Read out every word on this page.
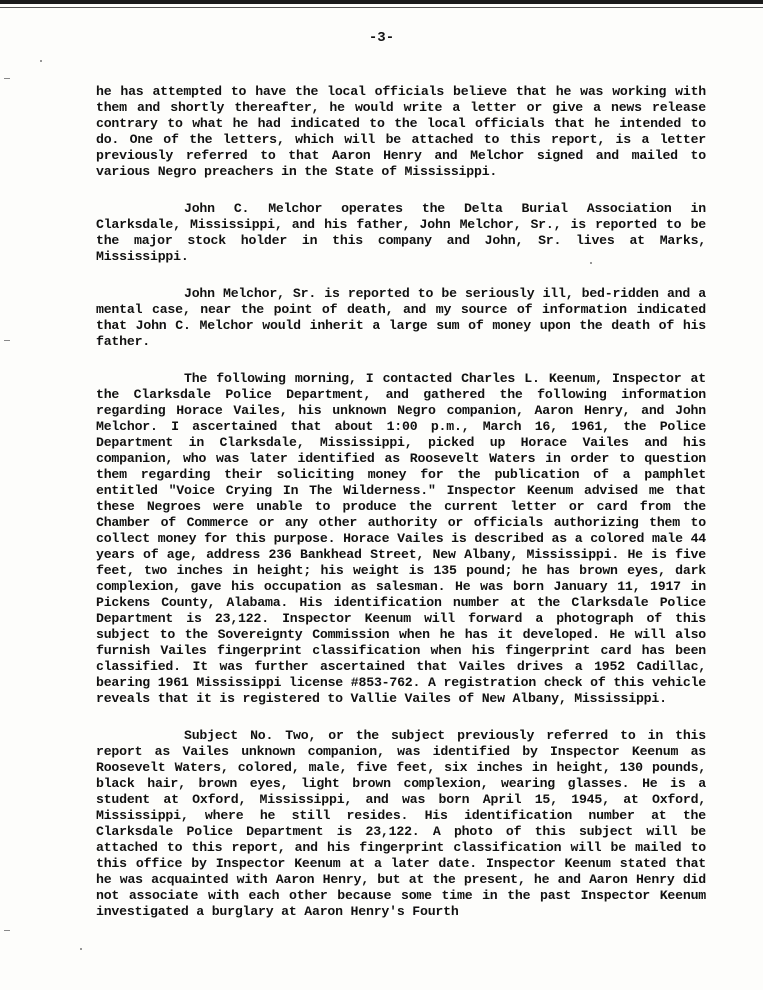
-3-

he has attempted to have the local officials believe that he was working with them and shortly thereafter, he would write a letter or give a news release contrary to what he had indicated to the local officials that he intended to do. One of the letters, which will be attached to this report, is a letter previously referred to that Aaron Henry and Melchor signed and mailed to various Negro preachers in the State of Mississippi.

John C. Melchor operates the Delta Burial Association in Clarksdale, Mississippi, and his father, John Melchor, Sr., is reported to be the major stock holder in this company and John, Sr. lives at Marks, Mississippi.

John Melchor, Sr. is reported to be seriously ill, bed-ridden and a mental case, near the point of death, and my source of information indicated that John C. Melchor would inherit a large sum of money upon the death of his father.

The following morning, I contacted Charles L. Keenum, Inspector at the Clarksdale Police Department, and gathered the following information regarding Horace Vailes, his unknown Negro companion, Aaron Henry, and John Melchor. I ascertained that about 1:00 p.m., March 16, 1961, the Police Department in Clarksdale, Mississippi, picked up Horace Vailes and his companion, who was later identified as Roosevelt Waters in order to question them regarding their soliciting money for the publication of a pamphlet entitled "Voice Crying In The Wilderness." Inspector Keenum advised me that these Negroes were unable to produce the current letter or card from the Chamber of Commerce or any other authority or officials authorizing them to collect money for this purpose. Horace Vailes is described as a colored male 44 years of age, address 236 Bankhead Street, New Albany, Mississippi. He is five feet, two inches in height; his weight is 135 pound; he has brown eyes, dark complexion, gave his occupation as salesman. He was born January 11, 1917 in Pickens County, Alabama. His identification number at the Clarksdale Police Department is 23,122. Inspector Keenum will forward a photograph of this subject to the Sovereignty Commission when he has it developed. He will also furnish Vailes fingerprint classification when his fingerprint card has been classified. It was further ascertained that Vailes drives a 1952 Cadillac, bearing 1961 Mississippi license #853-762. A registration check of this vehicle reveals that it is registered to Vallie Vailes of New Albany, Mississippi.

Subject No. Two, or the subject previously referred to in this report as Vailes unknown companion, was identified by Inspector Keenum as Roosevelt Waters, colored, male, five feet, six inches in height, 130 pounds, black hair, brown eyes, light brown complexion, wearing glasses. He is a student at Oxford, Mississippi, and was born April 15, 1945, at Oxford, Mississippi, where he still resides. His identification number at the Clarksdale Police Department is 23,122. A photo of this subject will be attached to this report, and his fingerprint classification will be mailed to this office by Inspector Keenum at a later date. Inspector Keenum stated that he was acquainted with Aaron Henry, but at the present, he and Aaron Henry did not associate with each other because some time in the past Inspector Keenum investigated a burglary at Aaron Henry's Fourth
